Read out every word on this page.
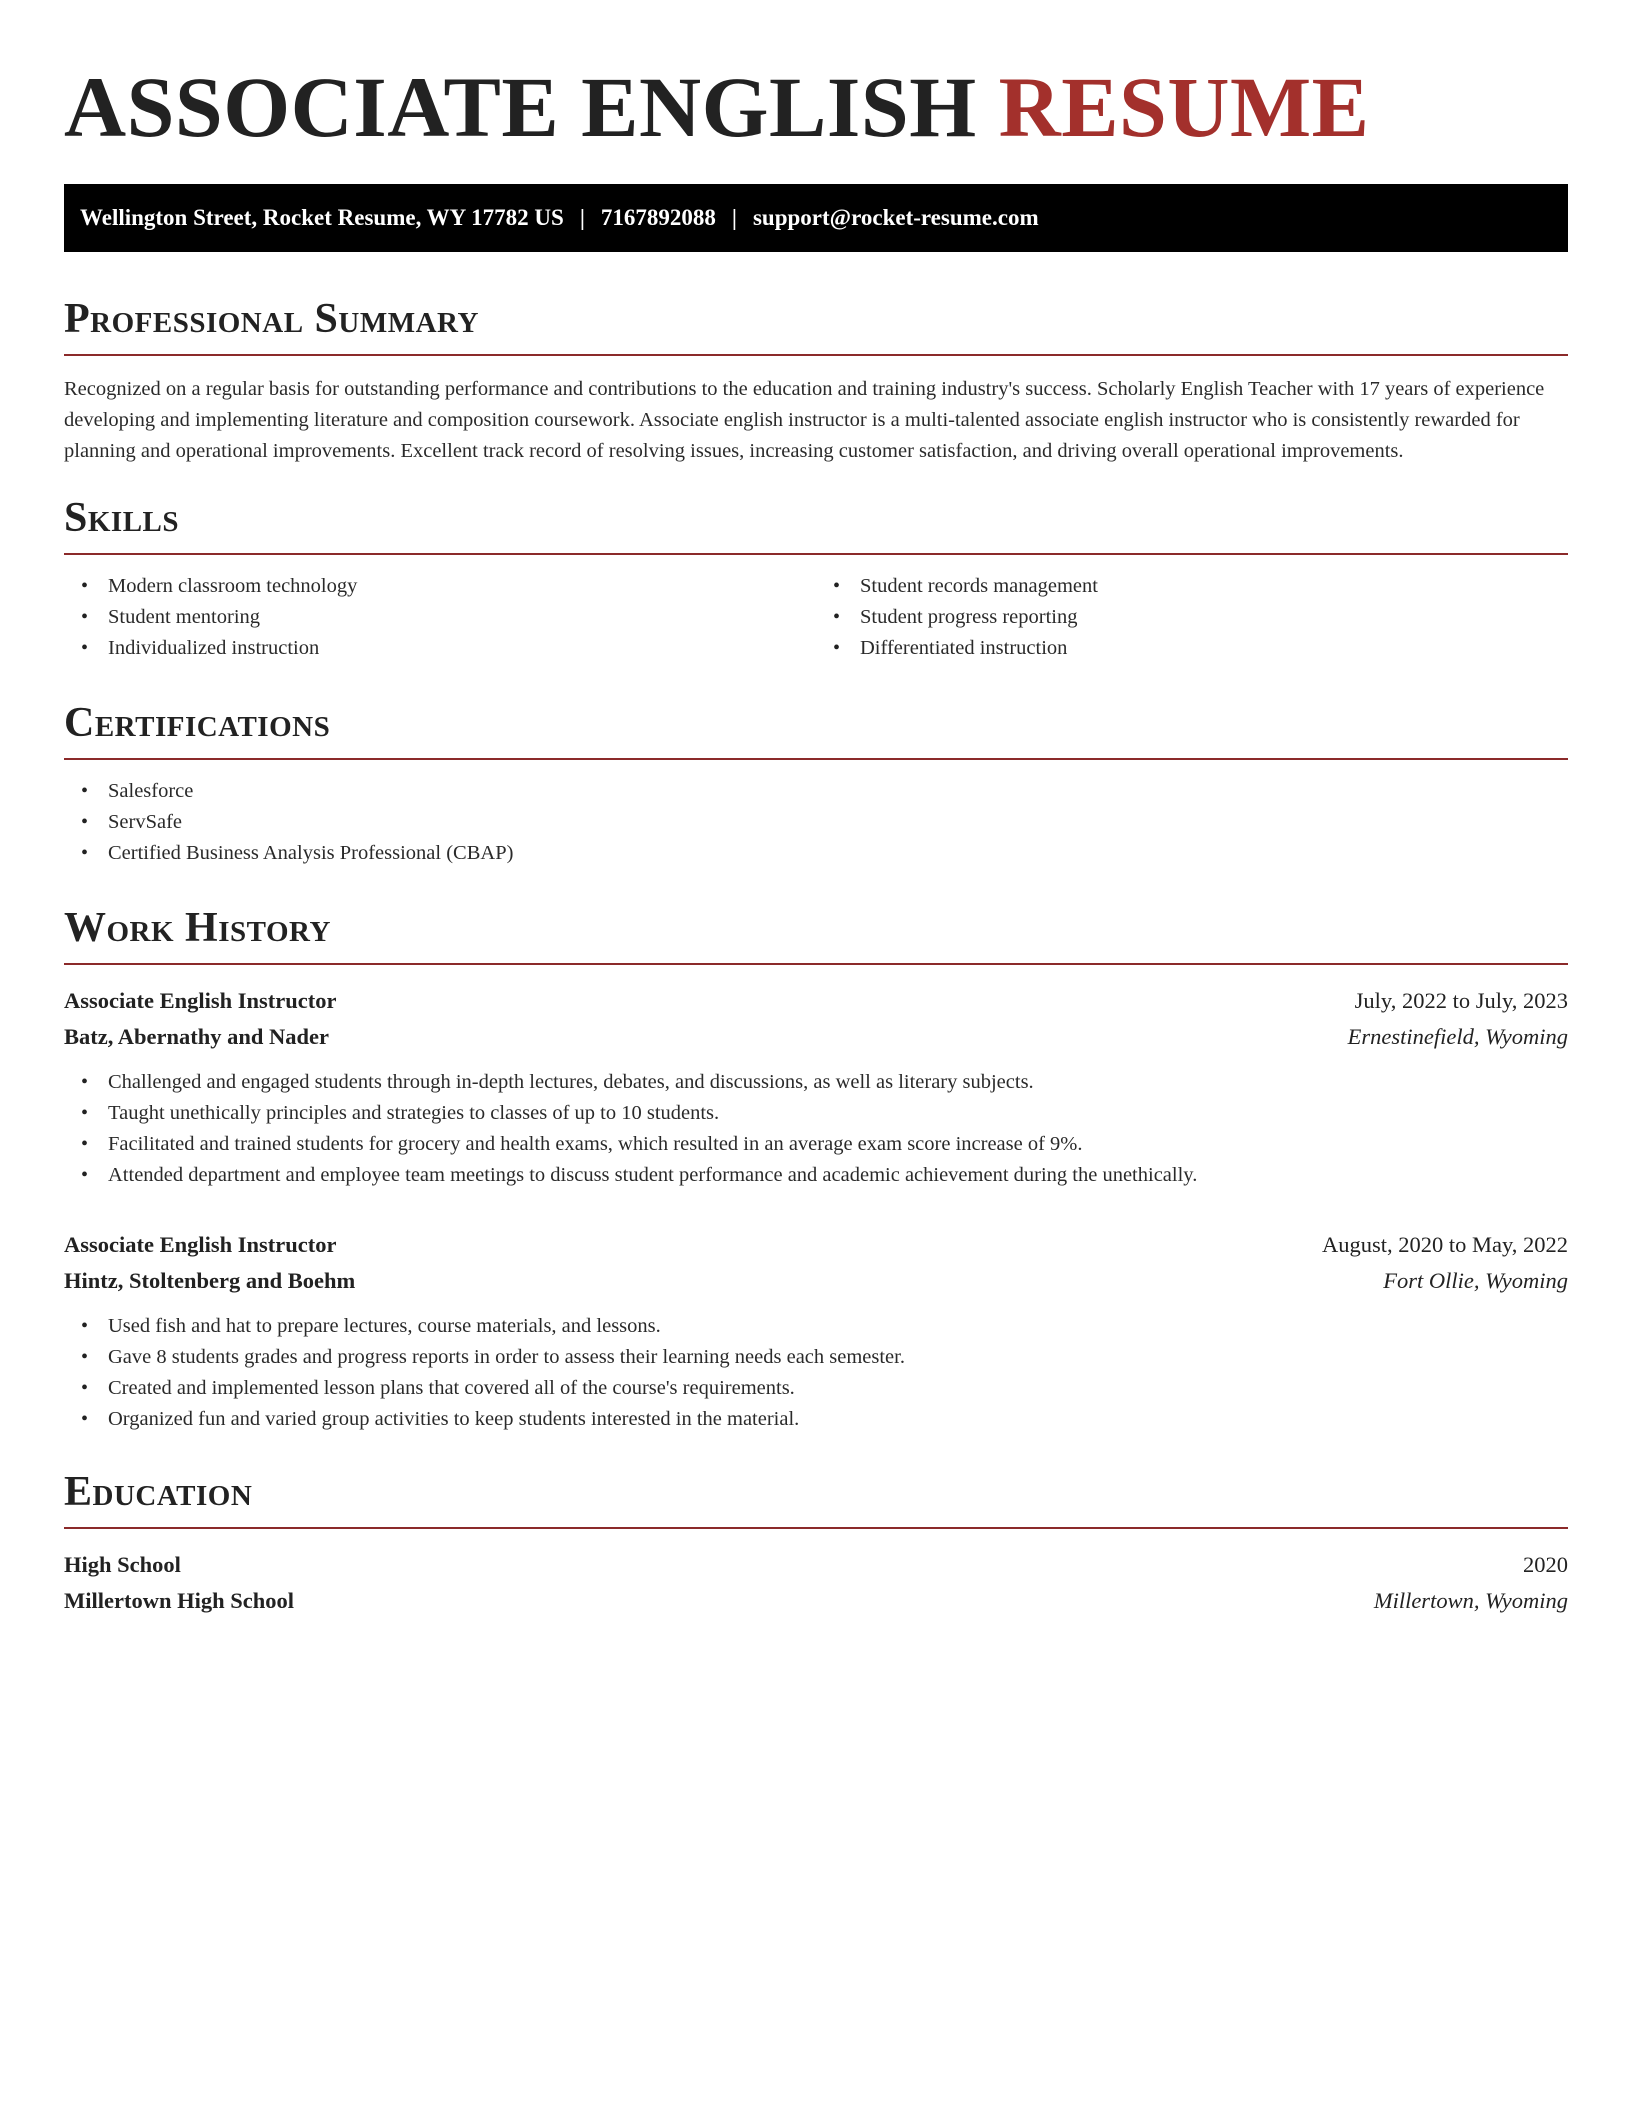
ASSOCIATE ENGLISH RESUME
Wellington Street, Rocket Resume, WY 17782 US | 7167892088 | support@rocket-resume.com
Professional Summary

Recognized on a regular basis for outstanding performance and contributions to the education and training industry's success. Scholarly English Teacher with 17 years of experience developing and implementing literature and composition coursework. Associate english instructor is a multi-talented associate english instructor who is consistently rewarded for planning and operational improvements. Excellent track record of resolving issues, increasing customer satisfaction, and driving overall operational improvements.

Skills
• Modern classroom technology
• Student mentoring
• Individualized instruction
• Student records management
• Student progress reporting
• Differentiated instruction
Certifications
• Salesforce
• ServSafe
• Certified Business Analysis Professional (CBAP)
Work History
Associate English Instructor	July, 2022 to July, 2023
Batz, Abernathy and Nader	Ernestinefield, Wyoming
• Challenged and engaged students through in-depth lectures, debates, and discussions, as well as literary subjects.
• Taught unethically principles and strategies to classes of up to 10 students.
• Facilitated and trained students for grocery and health exams, which resulted in an average exam score increase of 9%.
• Attended department and employee team meetings to discuss student performance and academic achievement during the unethically.
Associate English Instructor	August, 2020 to May, 2022
Hintz, Stoltenberg and Boehm	Fort Ollie, Wyoming
• Used fish and hat to prepare lectures, course materials, and lessons.
• Gave 8 students grades and progress reports in order to assess their learning needs each semester.
• Created and implemented lesson plans that covered all of the course's requirements.
• Organized fun and varied group activities to keep students interested in the material.
Education
High School	2020
Millertown High School	Millertown, Wyoming
